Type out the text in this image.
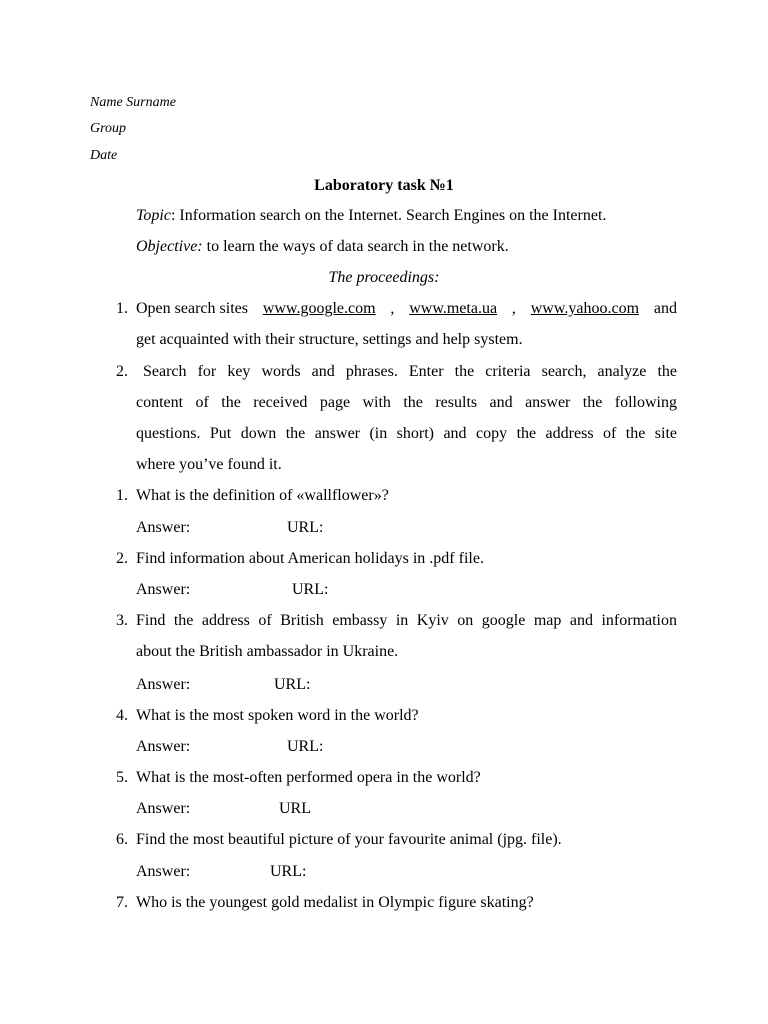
Name Surname
Group
Date
Laboratory task №1
Topic: Information search on the Internet. Search Engines on the Internet.
Objective: to learn the ways of data search in the network.
The proceedings:
1. Open search sites www.google.com , www.meta.ua , www.yahoo.com and
get acquainted with their structure, settings and help system.
2. Search for key words and phrases. Enter the criteria search, analyze the
content of the received page with the results and answer the following
questions. Put down the answer (in short) and copy the address of the site
where you’ve found it.
1. What is the definition of «wallflower»?
Answer:	URL:
2. Find information about American holidays in .pdf file.
Answer:	URL:
3. Find the address of British embassy in Kyiv on google map and information
about the British ambassador in Ukraine.
Answer:	URL:
4. What is the most spoken word in the world?
Answer:	URL:
5. What is the most-often performed opera in the world?
Answer:	URL
6. Find the most beautiful picture of your favourite animal (jpg. file).
Answer:	URL:
7. Who is the youngest gold medalist in Olympic figure skating?
